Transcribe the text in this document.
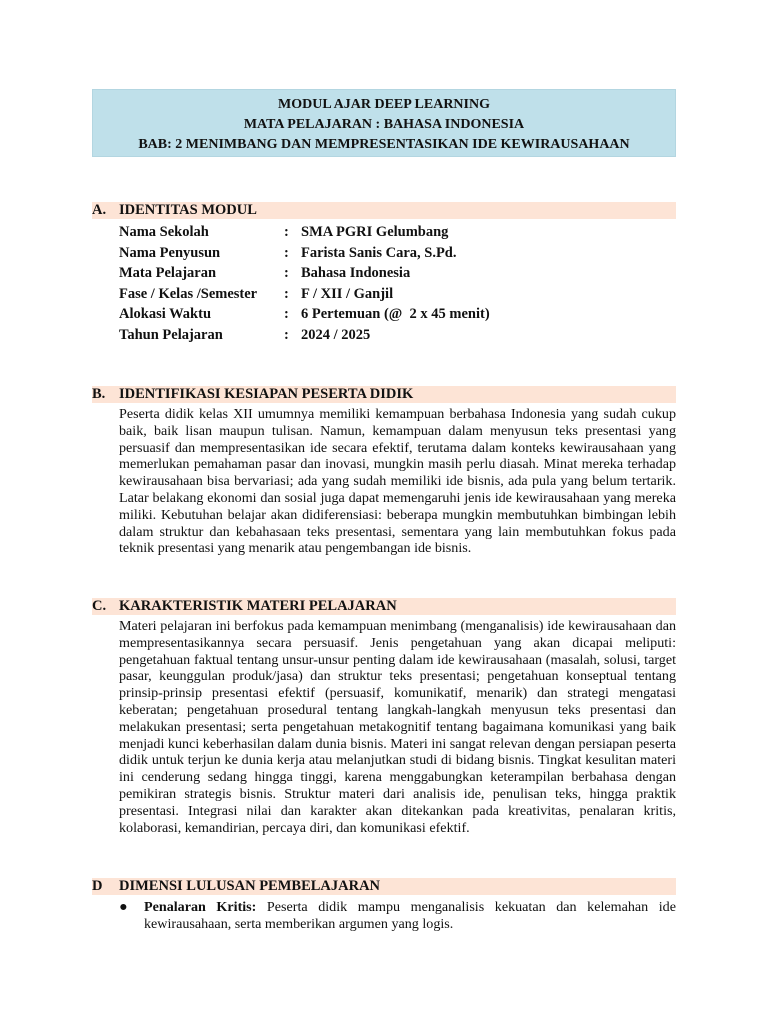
MODUL AJAR DEEP LEARNING
MATA PELAJARAN : BAHASA INDONESIA
BAB: 2 MENIMBANG DAN MEMPRESENTASIKAN IDE KEWIRAUSAHAAN
A. IDENTITAS MODUL
Nama Sekolah	: SMA PGRI Gelumbang
Nama Penyusun	: Farista Sanis Cara, S.Pd.
Mata Pelajaran	: Bahasa Indonesia
Fase / Kelas /Semester : F / XII / Ganjil
Alokasi Waktu	: 6 Pertemuan (@  2 x 45 menit)
Tahun Pelajaran	: 2024 / 2025
B. IDENTIFIKASI KESIAPAN PESERTA DIDIK

Peserta didik kelas XII umumnya memiliki kemampuan berbahasa Indonesia yang sudah cukup baik, baik lisan maupun tulisan. Namun, kemampuan dalam menyusun teks presentasi yang persuasif dan mempresentasikan ide secara efektif, terutama dalam konteks kewirausahaan yang memerlukan pemahaman pasar dan inovasi, mungkin masih perlu diasah. Minat mereka terhadap kewirausahaan bisa bervariasi; ada yang sudah memiliki ide bisnis, ada pula yang belum tertarik. Latar belakang ekonomi dan sosial juga dapat memengaruhi jenis ide kewirausahaan yang mereka miliki. Kebutuhan belajar akan didiferensiasi: beberapa mungkin membutuhkan bimbingan lebih dalam struktur dan kebahasaan teks presentasi, sementara yang lain membutuhkan fokus pada teknik presentasi yang menarik atau pengembangan ide bisnis.

C. KARAKTERISTIK MATERI PELAJARAN

Materi pelajaran ini berfokus pada kemampuan menimbang (menganalisis) ide kewirausahaan dan mempresentasikannya secara persuasif. Jenis pengetahuan yang akan dicapai meliputi: pengetahuan faktual tentang unsur-unsur penting dalam ide kewirausahaan (masalah, solusi, target pasar, keunggulan produk/jasa) dan struktur teks presentasi; pengetahuan konseptual tentang prinsip-prinsip presentasi efektif (persuasif, komunikatif, menarik) dan strategi mengatasi keberatan; pengetahuan prosedural tentang langkah-langkah menyusun teks presentasi dan melakukan presentasi; serta pengetahuan metakognitif tentang bagaimana komunikasi yang baik menjadi kunci keberhasilan dalam dunia bisnis. Materi ini sangat relevan dengan persiapan peserta didik untuk terjun ke dunia kerja atau melanjutkan studi di bidang bisnis. Tingkat kesulitan materi ini cenderung sedang hingga tinggi, karena menggabungkan keterampilan berbahasa dengan pemikiran strategis bisnis. Struktur materi dari analisis ide, penulisan teks, hingga praktik presentasi. Integrasi nilai dan karakter akan ditekankan pada kreativitas, penalaran kritis, kolaborasi, kemandirian, percaya diri, dan komunikasi efektif.

D DIMENSI LULUSAN PEMBELAJARAN
● Penalaran Kritis: Peserta didik mampu menganalisis kekuatan dan kelemahan ide kewirausahaan, serta memberikan argumen yang logis.
